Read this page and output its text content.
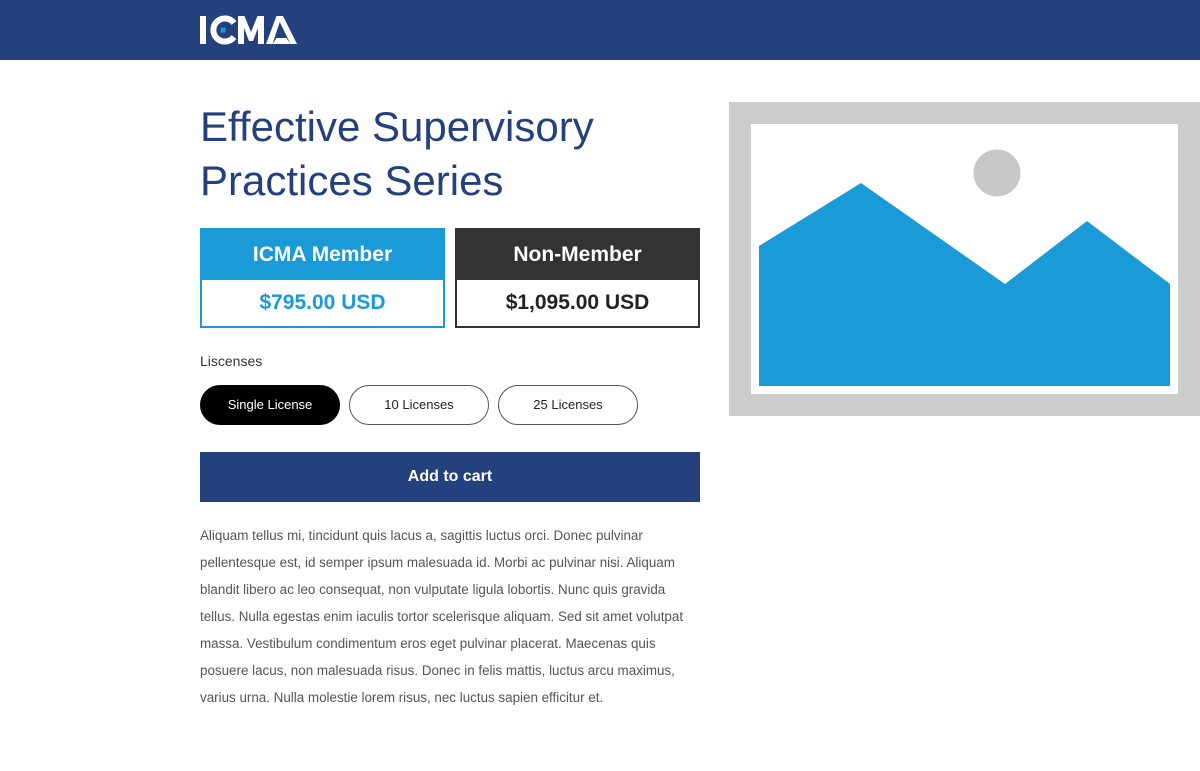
Effective Supervisory Practices Series
ICMA Member
$795.00 USD
Non-Member
$1,095.00 USD
Liscenses
Single License	10 Licenses	25 Licenses
Add to cart

Aliquam tellus mi, tincidunt quis lacus a, sagittis luctus orci. Donec pulvinar pellentesque est, id semper ipsum malesuada id. Morbi ac pulvinar nisi. Aliquam blandit libero ac leo consequat, non vulputate ligula lobortis. Nunc quis gravida tellus. Nulla egestas enim iaculis tortor scelerisque aliquam. Sed sit amet volutpat massa. Vestibulum condimentum eros eget pulvinar placerat. Maecenas quis posuere lacus, non malesuada risus. Donec in felis mattis, luctus arcu maximus, varius urna. Nulla molestie lorem risus, nec luctus sapien efficitur et.
